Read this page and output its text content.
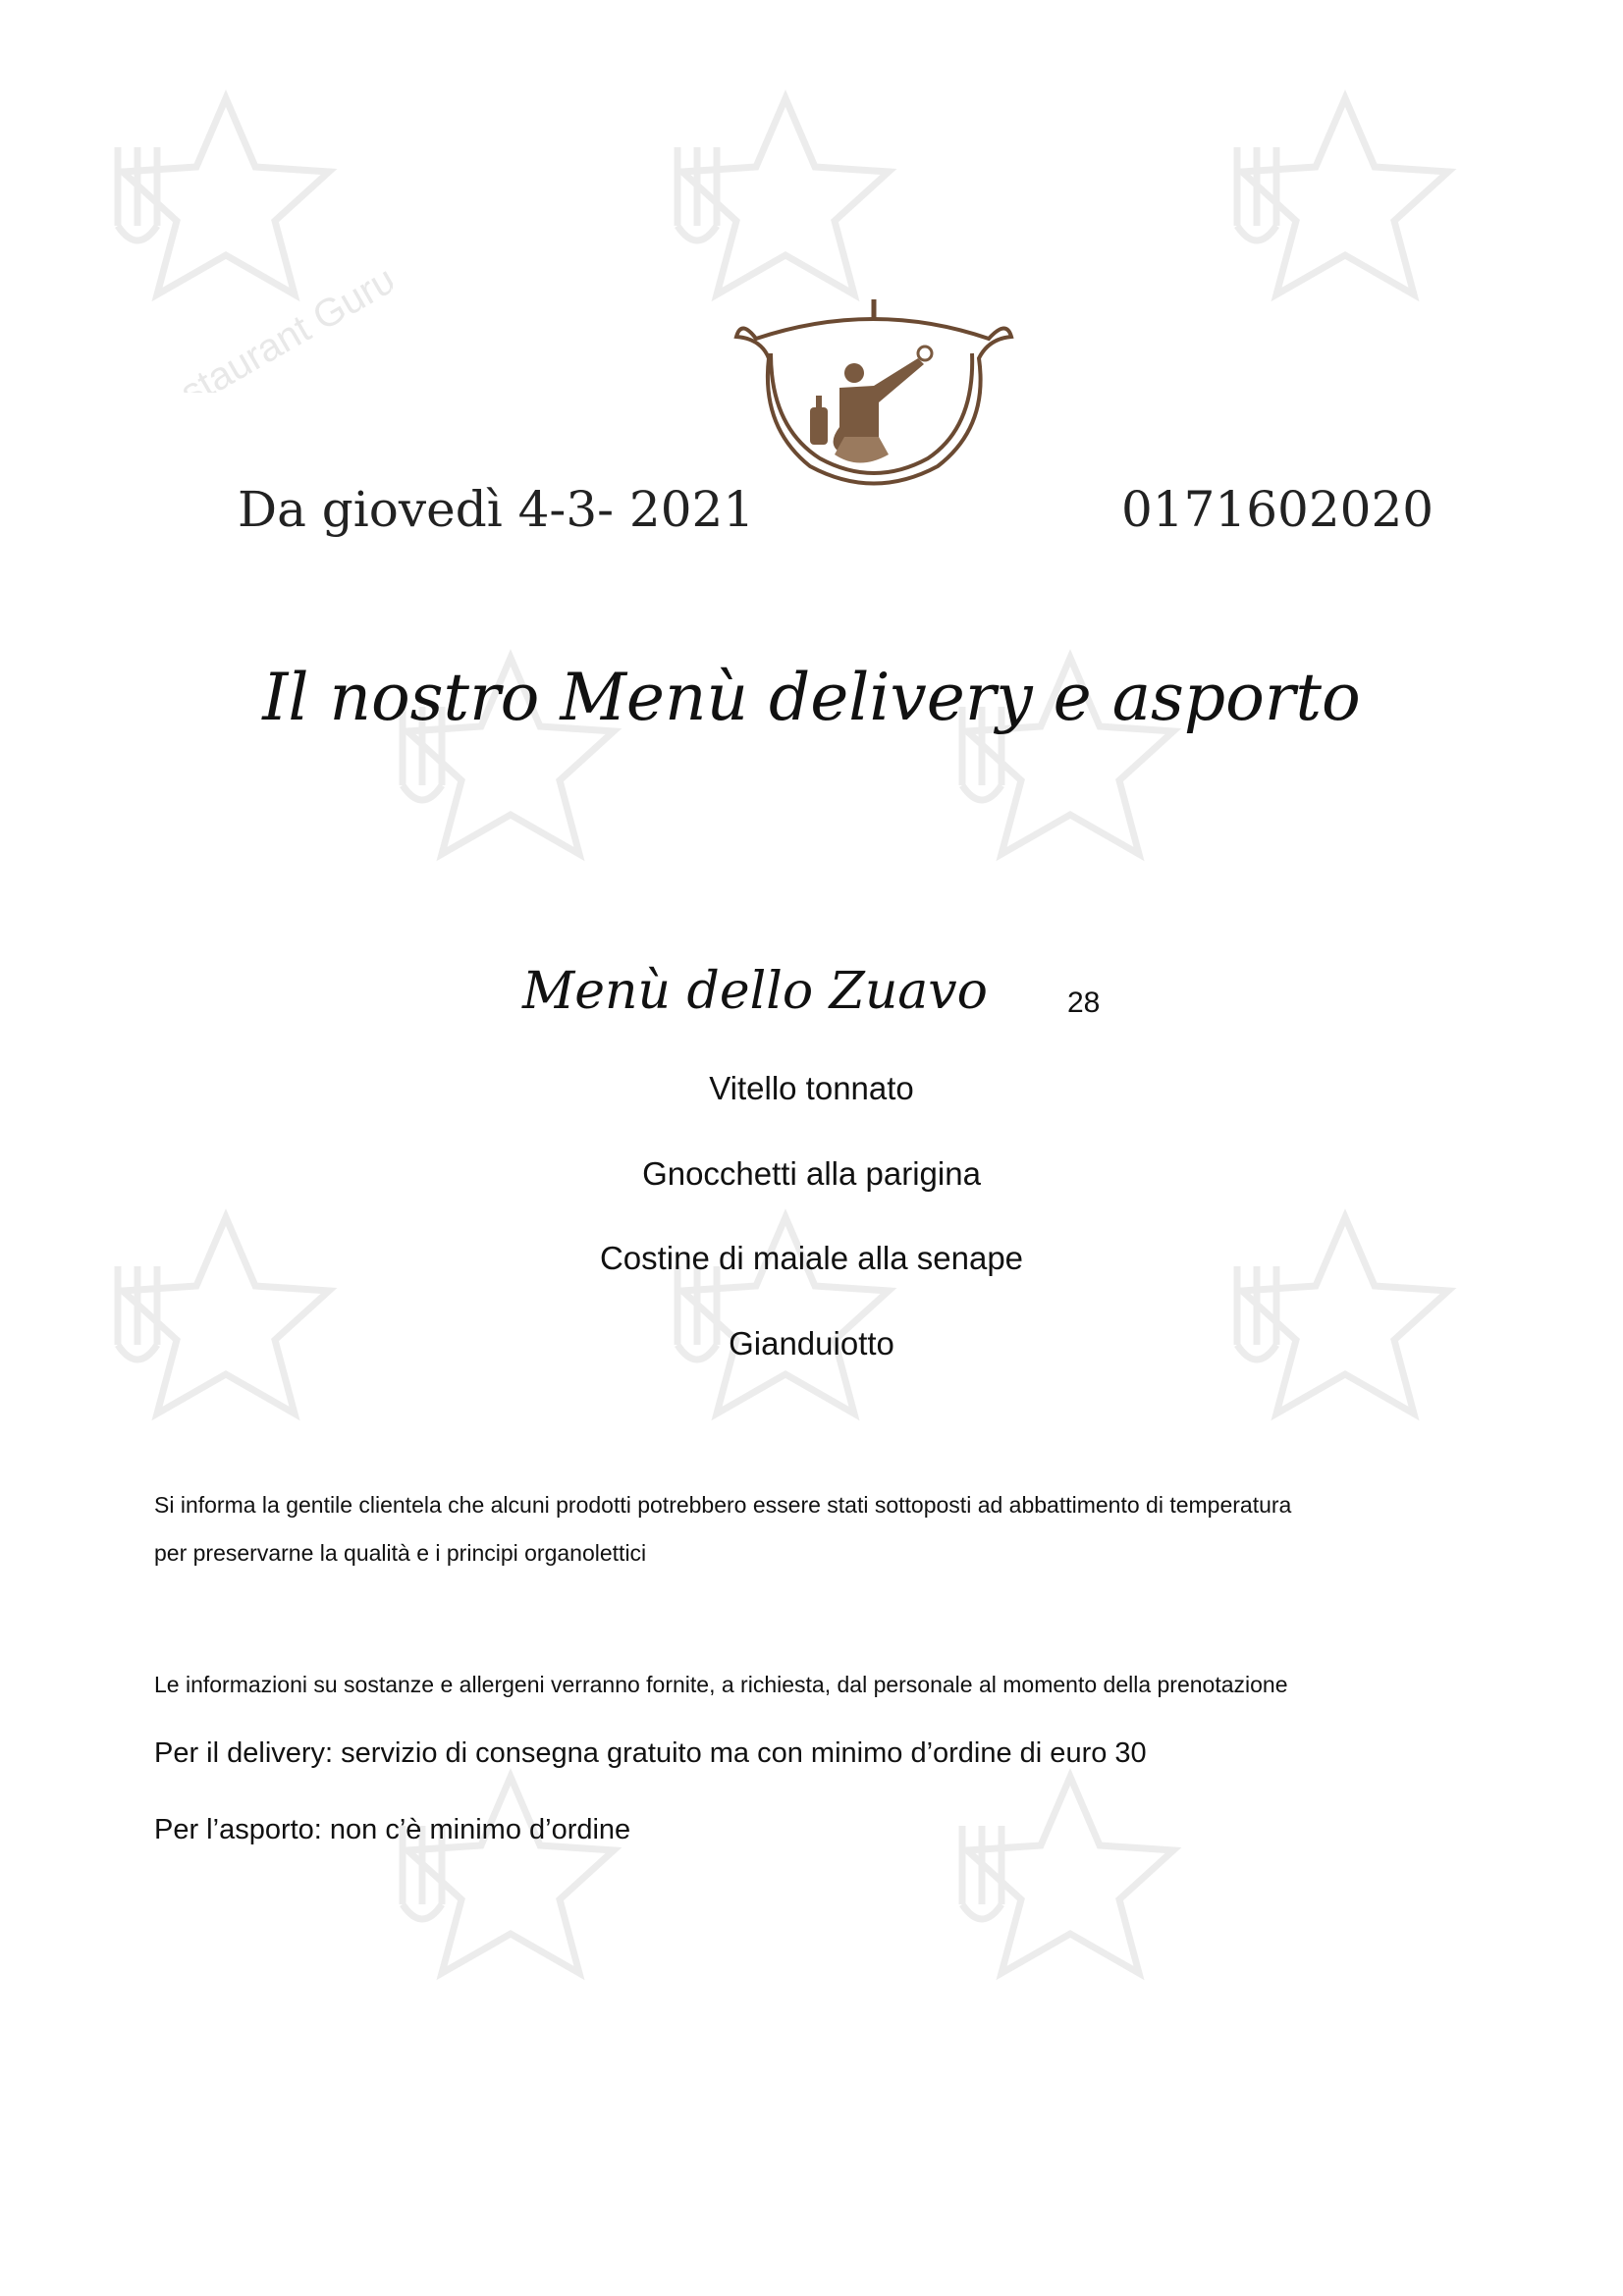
Restaurant Guru
Da giovedì 4-3- 2021	0171602020
Il nostro Menù delivery e asporto
Menù dello Zuavo	28
Vitello tonnato
Gnocchetti alla parigina
Costine di maiale alla senape
Gianduiotto
Si informa la gentile clientela che alcuni prodotti potrebbero essere stati sottoposti ad abbattimento di temperatura
per preservarne la qualità e i principi organolettici
Le informazioni su sostanze e allergeni verranno fornite, a richiesta, dal personale al momento della prenotazione
Per il delivery: servizio di consegna gratuito ma con minimo d’ordine di euro 30
Per l’asporto: non c’è minimo d’ordine
